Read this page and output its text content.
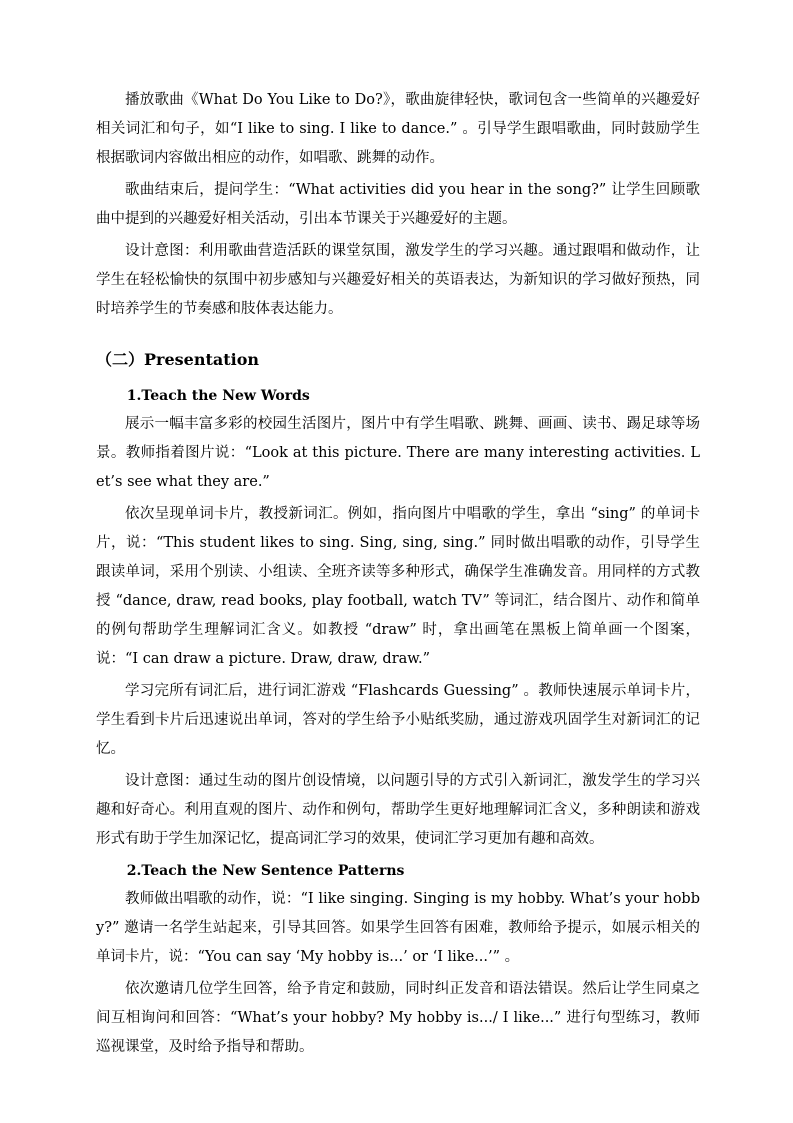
播放歌曲《What Do You Like to Do?》，歌曲旋律轻快，歌词包含一些简单的兴趣爱好相关词汇和句子，如“I like to sing. I like to dance.” 。引导学生跟唱歌曲，同时鼓励学生根据歌词内容做出相应的动作，如唱歌、跳舞的动作。

歌曲结束后，提问学生：“What activities did you hear in the song?” 让学生回顾歌曲中提到的兴趣爱好相关活动，引出本节课关于兴趣爱好的主题。

设计意图：利用歌曲营造活跃的课堂氛围，激发学生的学习兴趣。通过跟唱和做动作，让学生在轻松愉快的氛围中初步感知与兴趣爱好相关的英语表达，为新知识的学习做好预热，同时培养学生的节奏感和肢体表达能力。

（二）Presentation
1.Teach the New Words

展示一幅丰富多彩的校园生活图片，图片中有学生唱歌、跳舞、画画、读书、踢足球等场景。教师指着图片说：“Look at this picture. There are many interesting activities. Let’s see what they are.”

依次呈现单词卡片，教授新词汇。例如，指向图片中唱歌的学生，拿出 “sing” 的单词卡片，说：“This student likes to sing. Sing, sing, sing.” 同时做出唱歌的动作，引导学生跟读单词，采用个别读、小组读、全班齐读等多种形式，确保学生准确发音。用同样的方式教授 “dance, draw, read books, play football, watch TV” 等词汇，结合图片、动作和简单的例句帮助学生理解词汇含义。如教授 “draw” 时，拿出画笔在黑板上简单画一个图案，说：“I can draw a picture. Draw, draw, draw.”

学习完所有词汇后，进行词汇游戏 “Flashcards Guessing” 。教师快速展示单词卡片，学生看到卡片后迅速说出单词，答对的学生给予小贴纸奖励，通过游戏巩固学生对新词汇的记忆。

设计意图：通过生动的图片创设情境，以问题引导的方式引入新词汇，激发学生的学习兴趣和好奇心。利用直观的图片、动作和例句，帮助学生更好地理解词汇含义，多种朗读和游戏形式有助于学生加深记忆，提高词汇学习的效果，使词汇学习更加有趣和高效。

2.Teach the New Sentence Patterns

教师做出唱歌的动作，说：“I like singing. Singing is my hobby. What’s your hobby?” 邀请一名学生站起来，引导其回答。如果学生回答有困难，教师给予提示，如展示相关的单词卡片，说：“You can say ‘My hobby is...’ or ‘I like...’” 。

依次邀请几位学生回答，给予肯定和鼓励，同时纠正发音和语法错误。然后让学生同桌之间互相询问和回答：“What’s your hobby? My hobby is.../ I like...” 进行句型练习，教师巡视课堂，及时给予指导和帮助。
